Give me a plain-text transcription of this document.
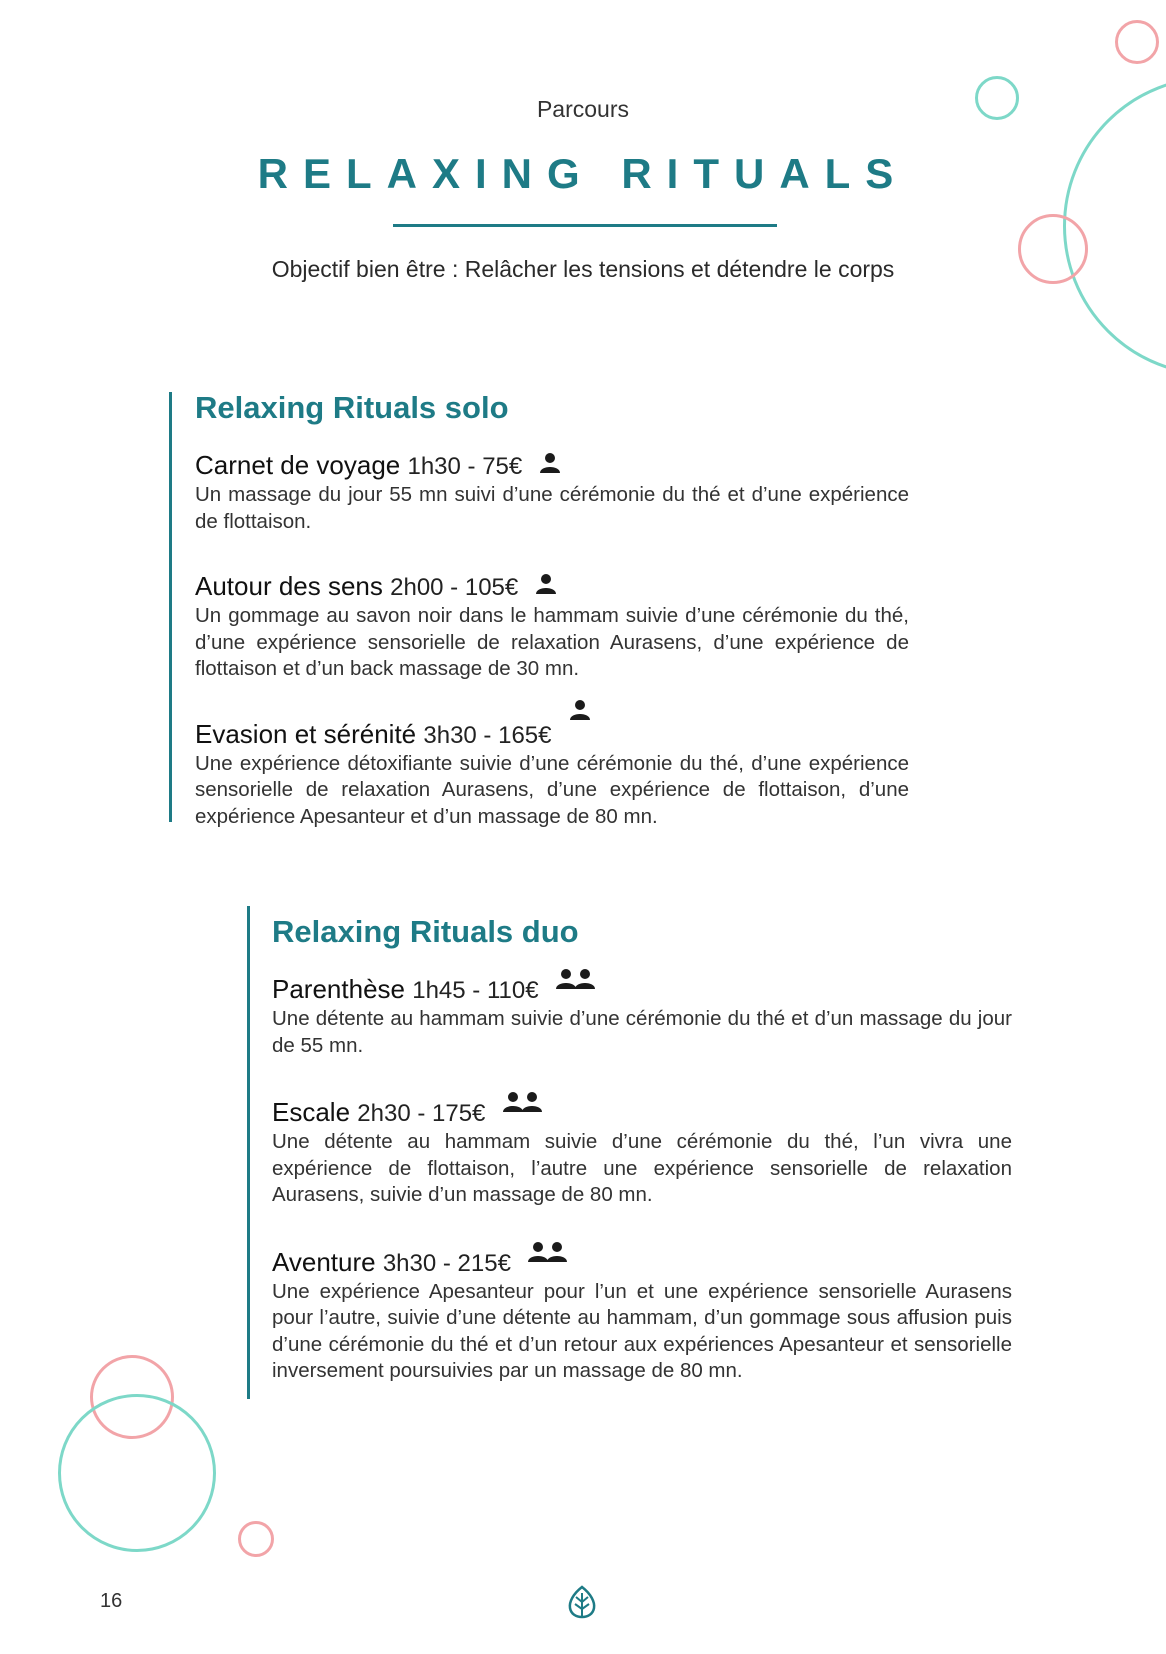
Parcours
RELAXING RITUALS
Objectif bien être : Relâcher les tensions et détendre le corps
Relaxing Rituals solo
Carnet de voyage 1h30 - 75€

Un massage du jour 55 mn suivi d’une cérémonie du thé et d’une expérience de flottaison.

Autour des sens 2h00 - 105€

Un gommage au savon noir dans le hammam suivie d’une cérémonie du thé, d’une expérience sensorielle de relaxation Aurasens, d’une expérience de flottaison et d’un back massage de 30 mn.

Evasion et sérénité 3h30 - 165€

Une expérience détoxifiante suivie d’une cérémonie du thé, d’une expérience sensorielle de relaxation Aurasens, d’une expérience de flottaison, d’une expérience Apesanteur et d’un massage de 80 mn.

Relaxing Rituals duo
Parenthèse 1h45 - 110€

Une détente au hammam suivie d’une cérémonie du thé et d’un massage du jour de 55 mn.

Escale 2h30 - 175€

Une détente au hammam suivie d’une cérémonie du thé, l’un vivra une expérience de flottaison, l’autre une expérience sensorielle de relaxation Aurasens, suivie d’un massage de 80 mn.

Aventure 3h30 - 215€

Une expérience Apesanteur pour l’un et une expérience sensorielle Aurasens pour l’autre, suivie d’une détente au hammam, d’un gommage sous affusion puis d’une cérémonie du thé et d’un retour aux expériences Apesanteur et sensorielle inversement poursuivies par un massage de 80 mn.

16
